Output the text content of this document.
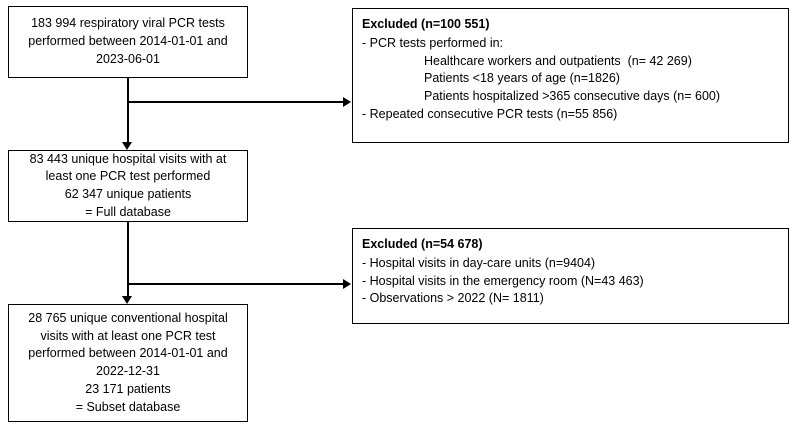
183 994 respiratory viral PCR tests
performed between 2014-01-01 and
2023-06-01
Excluded (n=100 551)
- PCR tests performed in:
Healthcare workers and outpatients  (n= 42 269)
Patients <18 years of age (n=1826)
Patients hospitalized >365 consecutive days (n= 600)
- Repeated consecutive PCR tests (n=55 856)
83 443 unique hospital visits with at
least one PCR test performed
62 347 unique patients
= Full database
Excluded (n=54 678)
- Hospital visits in day-care units (n=9404)
- Hospital visits in the emergency room (N=43 463)
- Observations > 2022 (N= 1811)
28 765 unique conventional hospital
visits with at least one PCR test
performed between 2014-01-01 and
2022-12-31
23 171 patients
= Subset database
